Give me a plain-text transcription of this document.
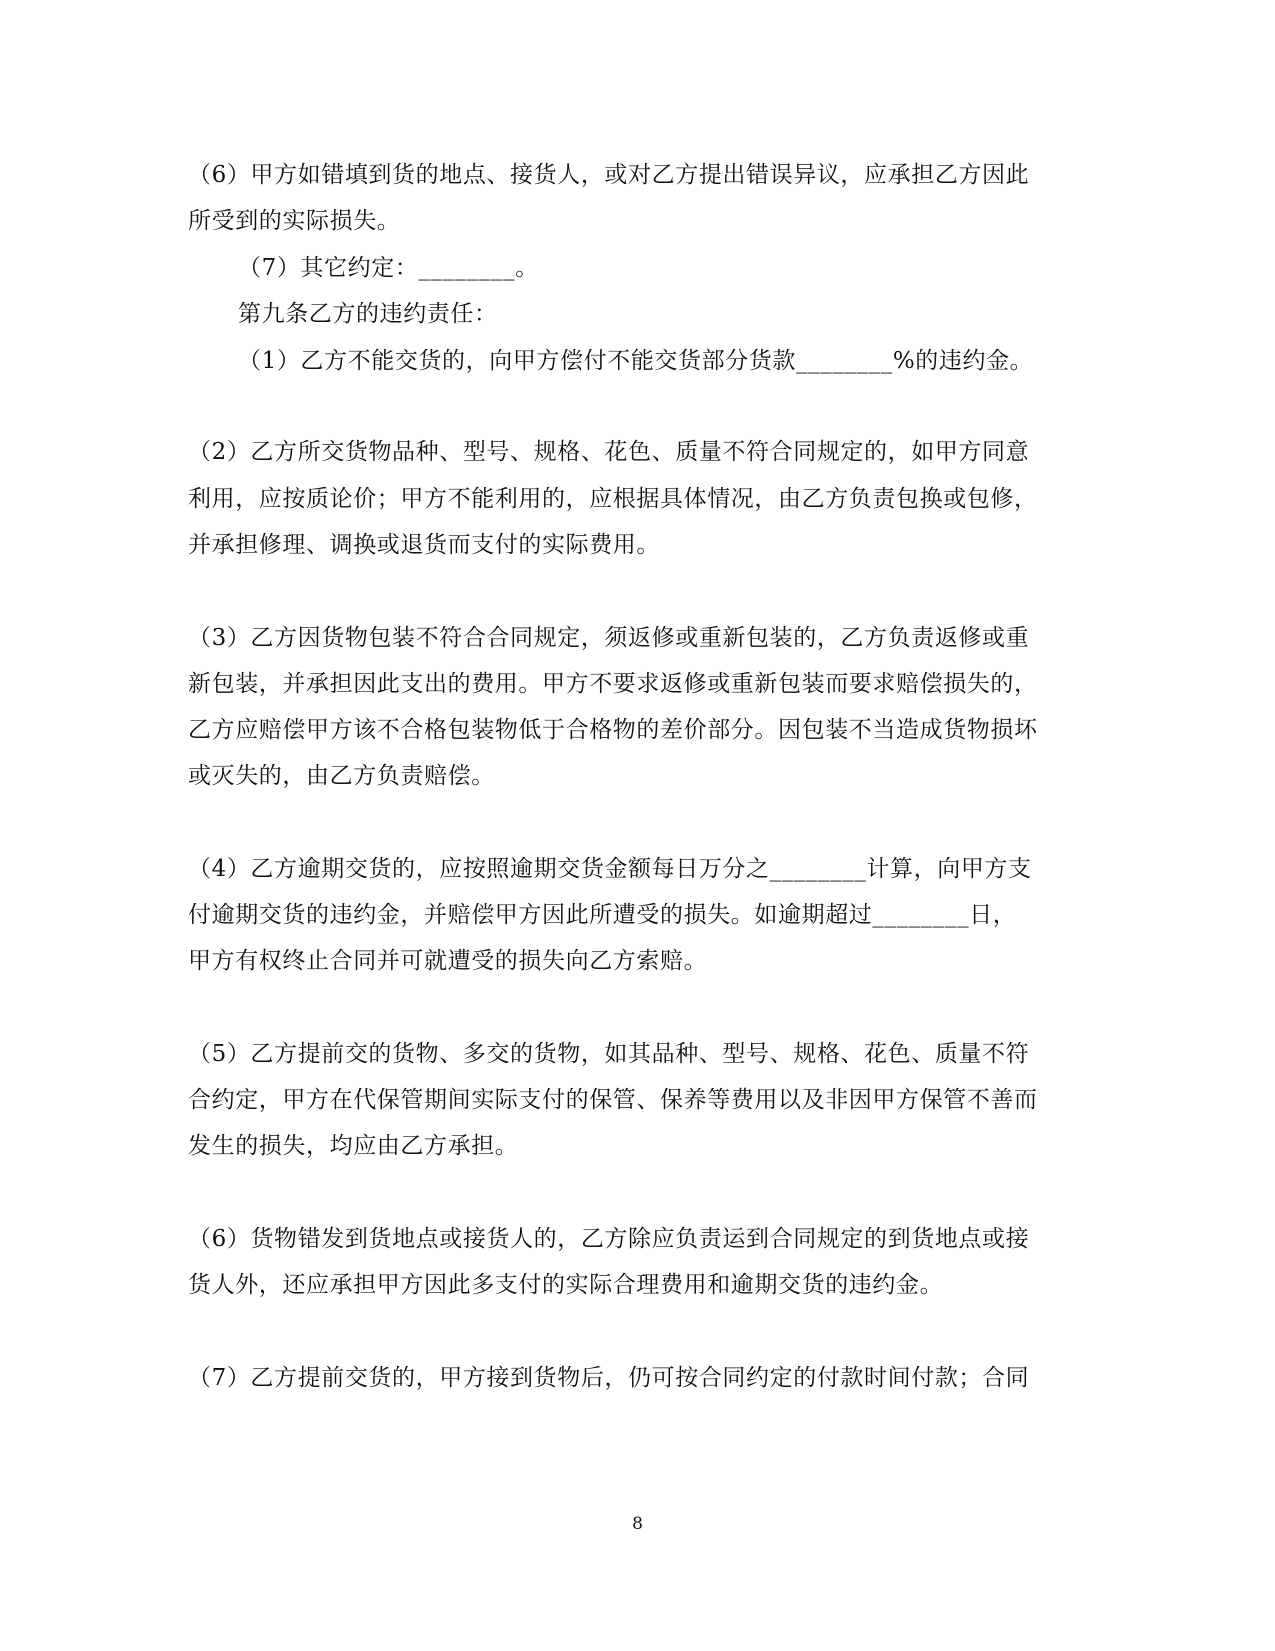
（6）甲方如错填到货的地点、接货人，或对乙方提出错误异议，应承担乙方因此
所受到的实际损失。
（7）其它约定：________。
第九条乙方的违约责任：
（1）乙方不能交货的，向甲方偿付不能交货部分货款________%的违约金。
（2）乙方所交货物品种、型号、规格、花色、质量不符合同规定的，如甲方同意
利用，应按质论价；甲方不能利用的，应根据具体情况，由乙方负责包换或包修，
并承担修理、调换或退货而支付的实际费用。
（3）乙方因货物包装不符合合同规定，须返修或重新包装的，乙方负责返修或重
新包装，并承担因此支出的费用。甲方不要求返修或重新包装而要求赔偿损失的，
乙方应赔偿甲方该不合格包装物低于合格物的差价部分。因包装不当造成货物损坏
或灭失的，由乙方负责赔偿。
（4）乙方逾期交货的，应按照逾期交货金额每日万分之________计算，向甲方支
付逾期交货的违约金，并赔偿甲方因此所遭受的损失。如逾期超过________日，
甲方有权终止合同并可就遭受的损失向乙方索赔。
（5）乙方提前交的货物、多交的货物，如其品种、型号、规格、花色、质量不符
合约定，甲方在代保管期间实际支付的保管、保养等费用以及非因甲方保管不善而
发生的损失，均应由乙方承担。
（6）货物错发到货地点或接货人的，乙方除应负责运到合同规定的到货地点或接
货人外，还应承担甲方因此多支付的实际合理费用和逾期交货的违约金。
（7）乙方提前交货的，甲方接到货物后，仍可按合同约定的付款时间付款；合同
8
